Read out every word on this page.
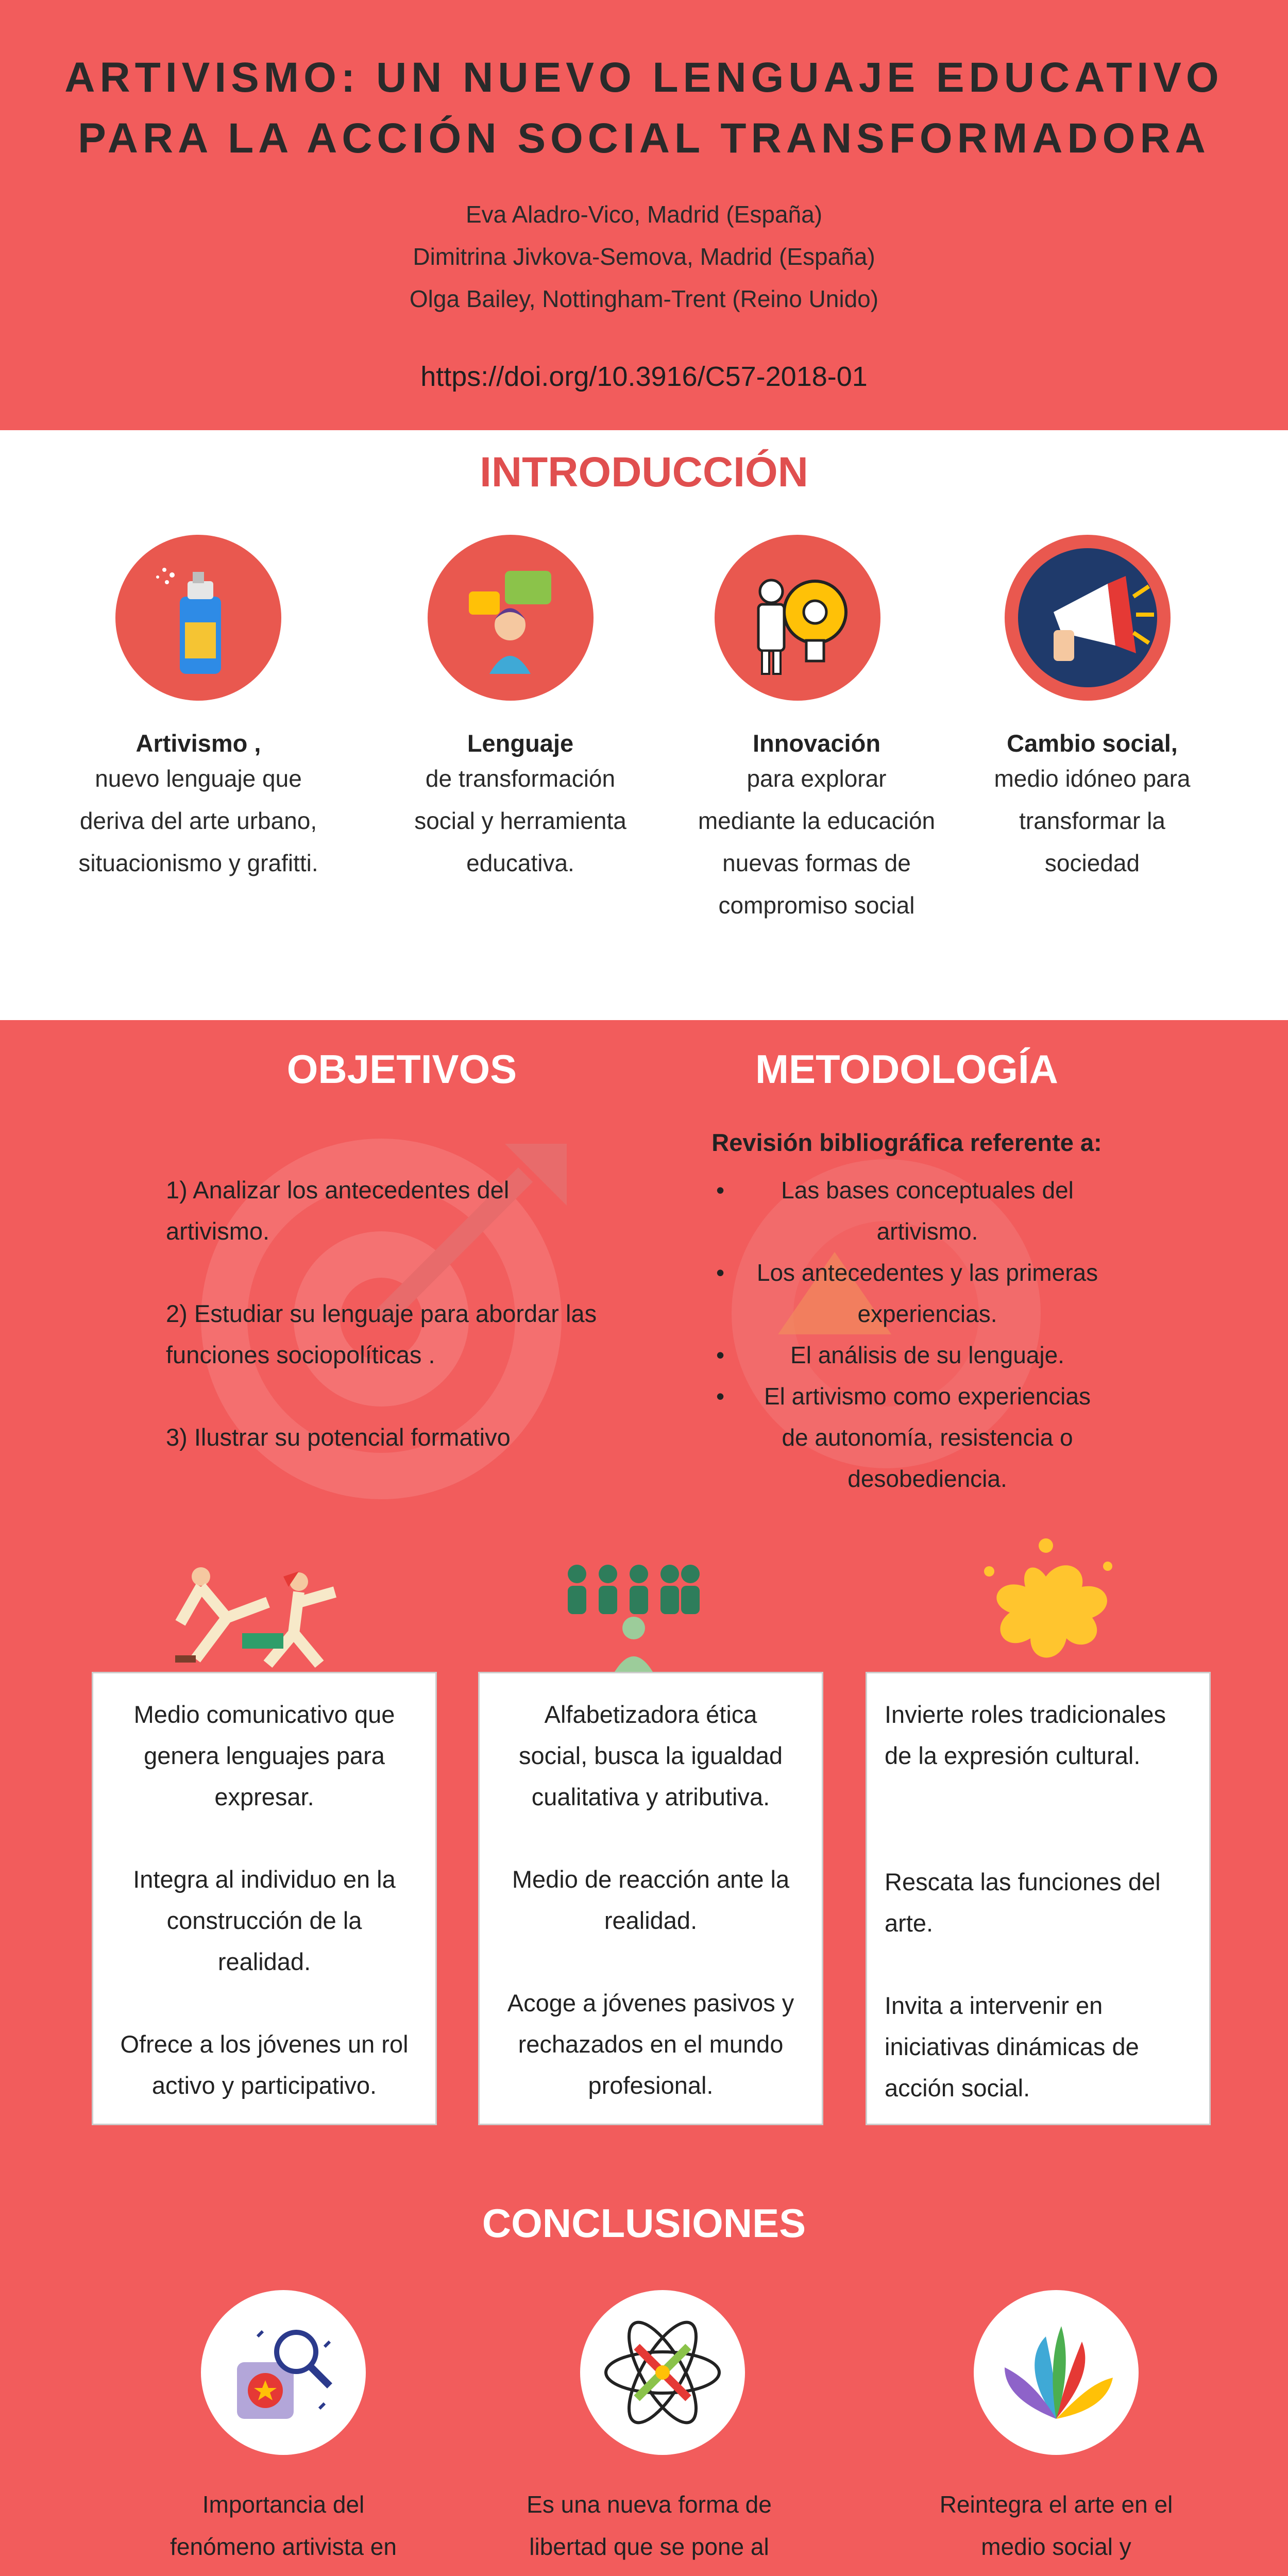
ARTIVISMO: UN NUEVO LENGUAJE EDUCATIVO
PARA LA ACCIÓN SOCIAL TRANSFORMADORA
Eva Aladro-Vico, Madrid (España)
Dimitrina Jivkova-Semova, Madrid (España)
Olga Bailey, Nottingham-Trent (Reino Unido)
https://doi.org/10.3916/C57-2018-01
INTRODUCCIÓN
Artivismo ,
nuevo lenguaje que
deriva del arte urbano,
situacionismo y grafitti.
Lenguaje
de transformación
social y herramienta
educativa.
Innovación
para explorar
mediante la educación
nuevas formas de
compromiso social
Cambio social,
medio idóneo para
transformar la
sociedad
OBJETIVOS	METODOLOGÍA
1) Analizar los antecedentes del
artivismo.
2) Estudiar su lenguaje para abordar las
funciones sociopolíticas .
3) Ilustrar su potencial formativo
Revisión bibliográfica referente a:
•	Las bases conceptuales del
artivismo.
•	Los antecedentes y las primeras
experiencias.
•	El análisis de su lenguaje.
•	El artivismo como experiencias
de autonomía, resistencia o
desobediencia.
Medio comunicativo que
genera lenguajes para
expresar.
Integra al individuo en la
construcción de la
realidad.
Ofrece a los jóvenes un rol
activo y participativo.
Alfabetizadora ética
social, busca la igualdad
cualitativa y atributiva.
Medio de reacción ante la
realidad.
Acoge a jóvenes pasivos y
rechazados en el mundo
profesional.
Invierte roles tradicionales
de la expresión cultural.
Rescata las funciones del
arte.
Invita a intervenir en
iniciativas dinámicas de
acción social.
CONCLUSIONES
Importancia del
fenómeno artivista en
Es una nueva forma de
libertad que se pone al
Reintegra el arte en el
medio social y
